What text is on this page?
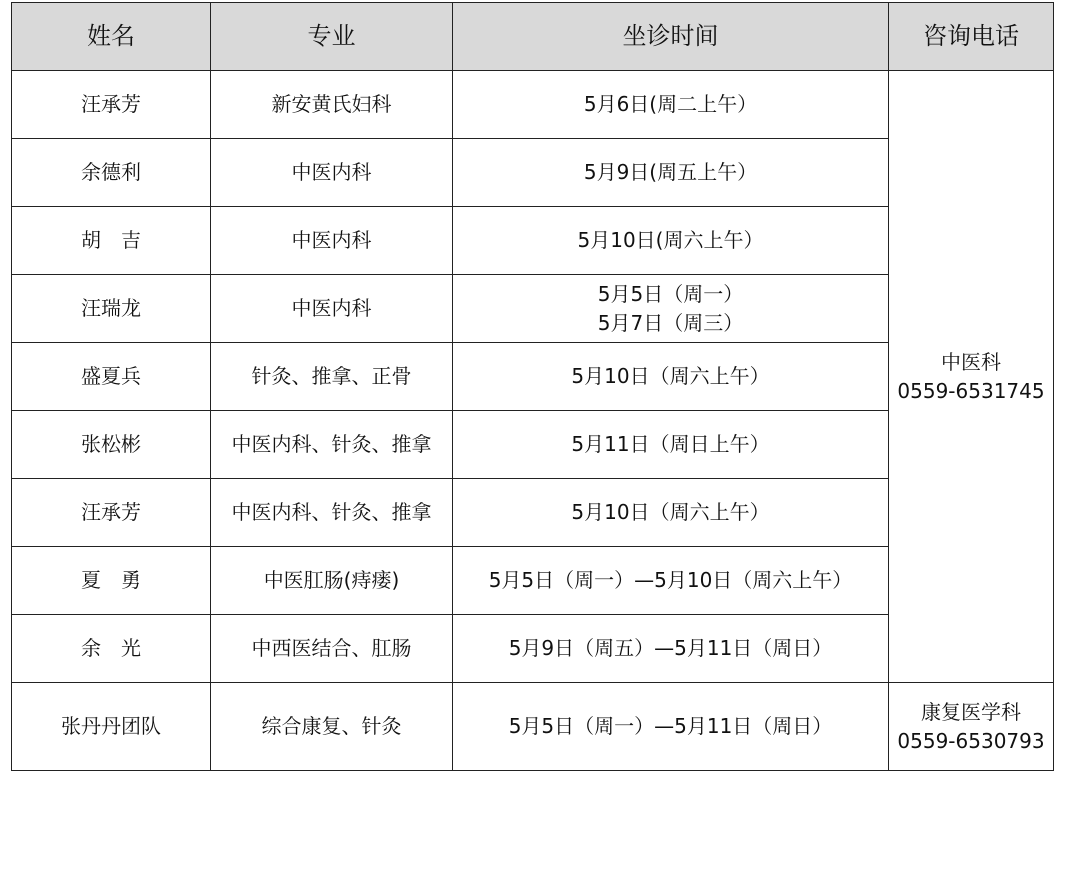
姓名	专业	坐诊时间	咨询电话
汪承芳	新安黄氏妇科	5月6日(周二上午）	中医科
0559-6531745

余德利	中医内科	5月9日(周五上午）	

胡　吉	中医内科	5月10日(周六上午）	

汪瑞龙	中医内科	5月5日（周一）
5月7日（周三）	

盛夏兵	针灸、推拿、正骨	5月10日（周六上午）	

张松彬	中医内科、针灸、推拿	5月11日（周日上午）	

汪承芳	中医内科、针灸、推拿	5月10日（周六上午）	

夏　勇	中医肛肠(痔瘘)	5月5日（周一）—5月10日（周六上午）	

余　光	中西医结合、肛肠	5月9日（周五）—5月11日（周日）	

张丹丹团队	综合康复、针灸	5月5日（周一）—5月11日（周日）	康复医学科
0559-6530793
